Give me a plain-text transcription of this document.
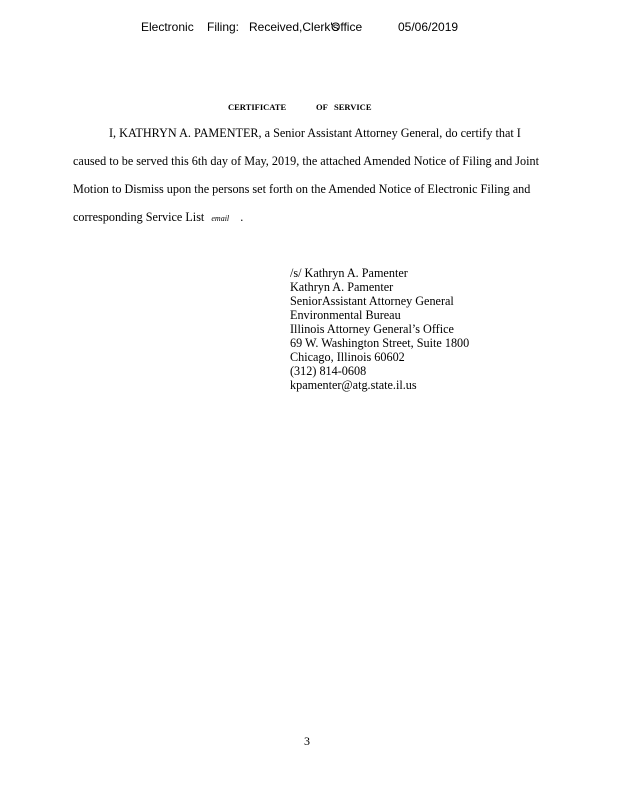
Electronic

Filing:

Received,Clerk's

Office

	05/06/2019

CERTIFICATE	OF SERVICE
I, KATHRYN A. PAMENTER, a Senior Assistant Attorney General, do certify that I
caused to be served this 6th day of May, 2019, the attached Amended Notice of Filing and Joint
Motion to Dismiss upon the persons set forth on the Amended Notice of Electronic Filing and
corresponding Service List email .
/s/ Kathryn A. Pamenter
Kathryn A. Pamenter
SeniorAssistant Attorney General
Environmental Bureau
Illinois Attorney General’s Office
69 W. Washington Street, Suite 1800
Chicago, Illinois 60602
(312) 814-0608
kpamenter@atg.state.il.us
3
